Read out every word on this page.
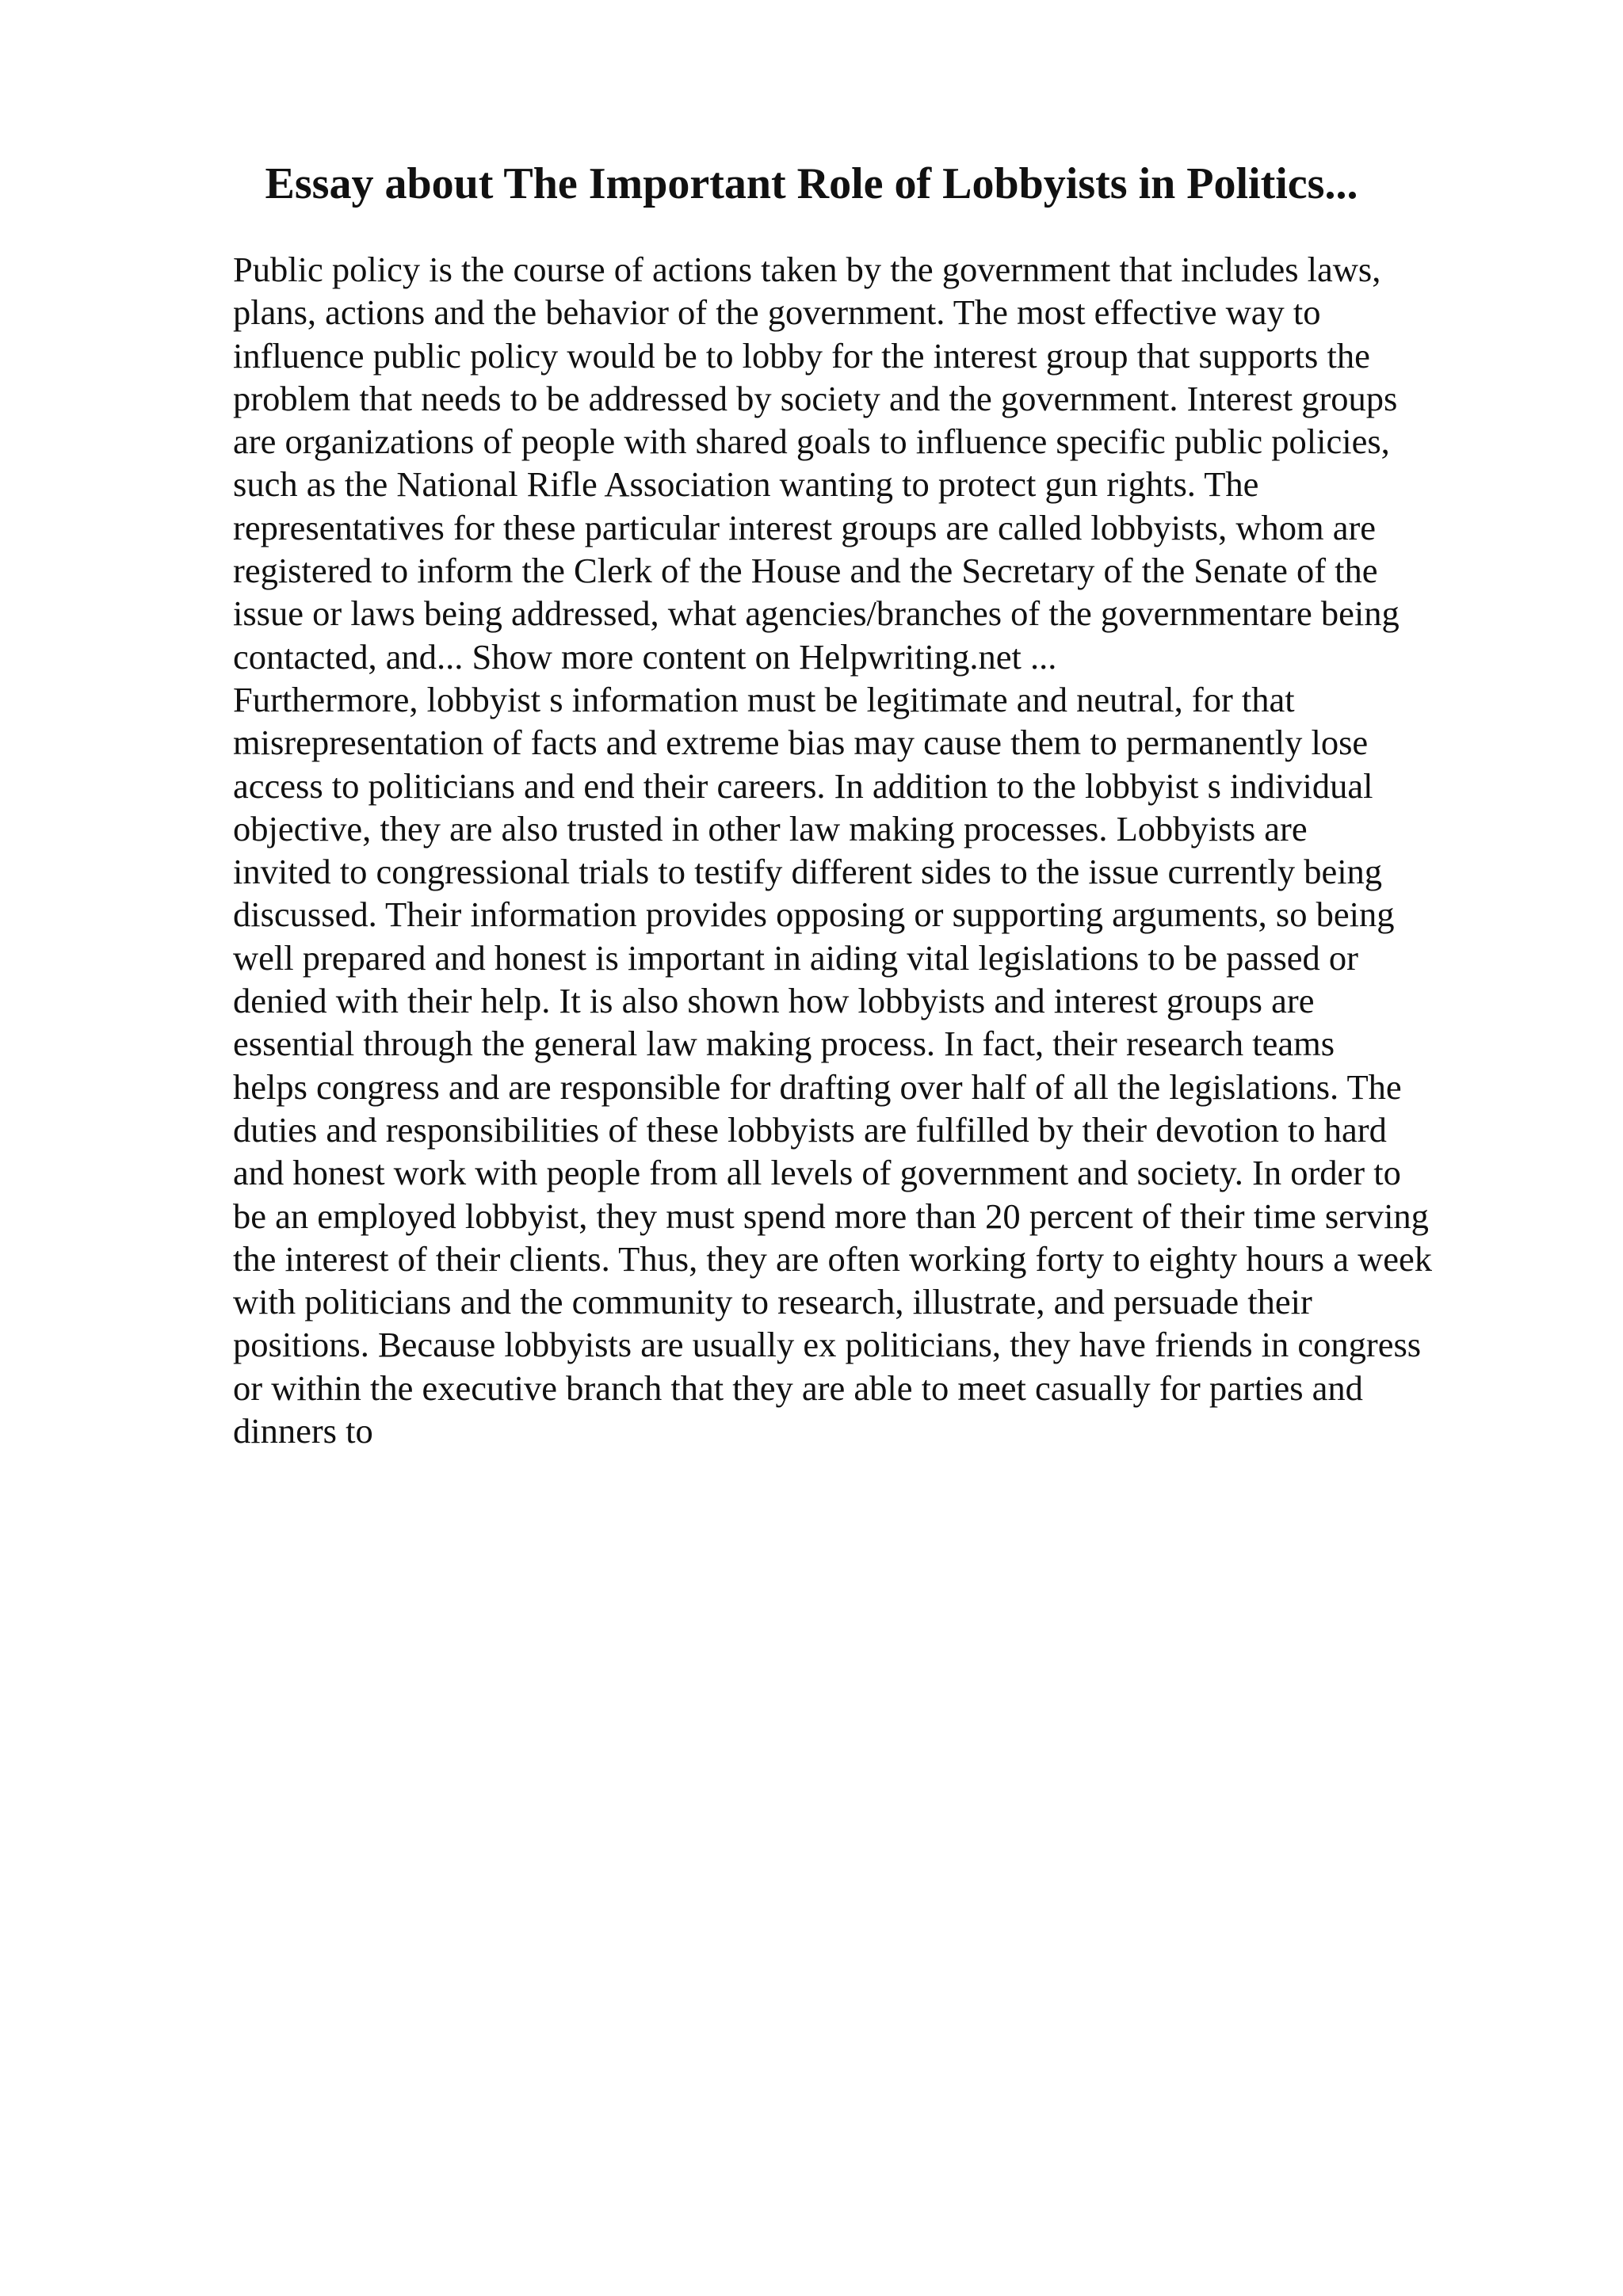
Essay about The Important Role of Lobbyists in Politics...
Public policy is the course of actions taken by the government that includes laws,
plans, actions and the behavior of the government. The most effective way to
influence public policy would be to lobby for the interest group that supports the
problem that needs to be addressed by society and the government. Interest groups
are organizations of people with shared goals to influence specific public policies,
such as the National Rifle Association wanting to protect gun rights. The
representatives for these particular interest groups are called lobbyists, whom are
registered to inform the Clerk of the House and the Secretary of the Senate of the
issue or laws being addressed, what agencies/branches of the governmentare being
contacted, and... Show more content on Helpwriting.net ...
Furthermore, lobbyist s information must be legitimate and neutral, for that
misrepresentation of facts and extreme bias may cause them to permanently lose
access to politicians and end their careers. In addition to the lobbyist s individual
objective, they are also trusted in other law making processes. Lobbyists are
invited to congressional trials to testify different sides to the issue currently being
discussed. Their information provides opposing or supporting arguments, so being
well prepared and honest is important in aiding vital legislations to be passed or
denied with their help. It is also shown how lobbyists and interest groups are
essential through the general law making process. In fact, their research teams
helps congress and are responsible for drafting over half of all the legislations. The
duties and responsibilities of these lobbyists are fulfilled by their devotion to hard
and honest work with people from all levels of government and society. In order to
be an employed lobbyist, they must spend more than 20 percent of their time serving
the interest of their clients. Thus, they are often working forty to eighty hours a week
with politicians and the community to research, illustrate, and persuade their
positions. Because lobbyists are usually ex politicians, they have friends in congress
or within the executive branch that they are able to meet casually for parties and
dinners to
